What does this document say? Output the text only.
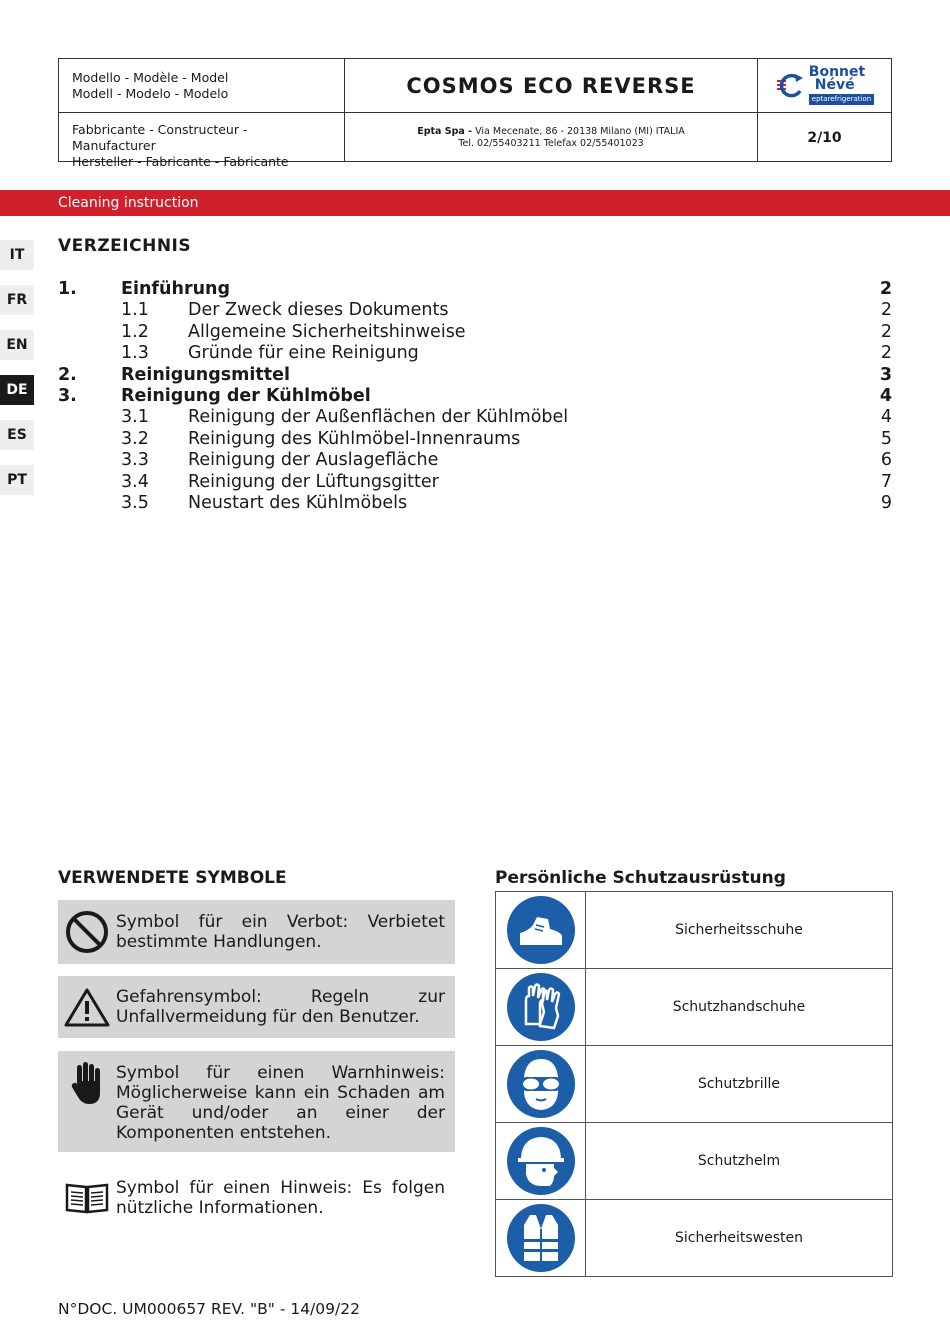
Modello - Modèle - Model
Modell - Modelo - Modelo	COSMOS ECO REVERSE
Bonnet
Névé
eptarefrigeration
Fabbricante - Constructeur - Manufacturer
Hersteller - Fabricante - Fabricante
Epta Spa - Via Mecenate, 86 - 20138 Milano (MI) ITALIA
Tel. 02/55403211 Telefax 02/55401023	2/10
Cleaning instruction
IT
FR
EN
DE
ES
PT
VERZEICHNIS
1.	Einführung	2
1.1 Der Zweck dieses Dokuments	2
1.2 Allgemeine Sicherheitshinweise	2
1.3 Gründe für eine Reinigung	2
2.	Reinigungsmittel	3
3.	Reinigung der Kühlmöbel	4
3.1 Reinigung der Außenflächen der Kühlmöbel	4
3.2 Reinigung des Kühlmöbel-Innenraums	5
3.3 Reinigung der Auslagefläche	6
3.4 Reinigung der Lüftungsgitter	7
3.5 Neustart des Kühlmöbels	9
VERWENDETE SYMBOLE
Symbol für ein Verbot: Verbietet bestimmte Handlungen.
Gefahrensymbol: Regeln zur Unfallvermeidung für den Benutzer.
Symbol für einen Warnhinweis: Möglicherweise kann ein Schaden am Gerät und/oder an einer der Komponenten entstehen.
Symbol für einen Hinweis: Es folgen nützliche Informationen.
Persönliche Schutzausrüstung
Sicherheitsschuhe
Schutzhandschuhe
Schutzbrille
Schutzhelm
Sicherheitswesten
N°DOC. UM000657 REV. "B" - 14/09/22
